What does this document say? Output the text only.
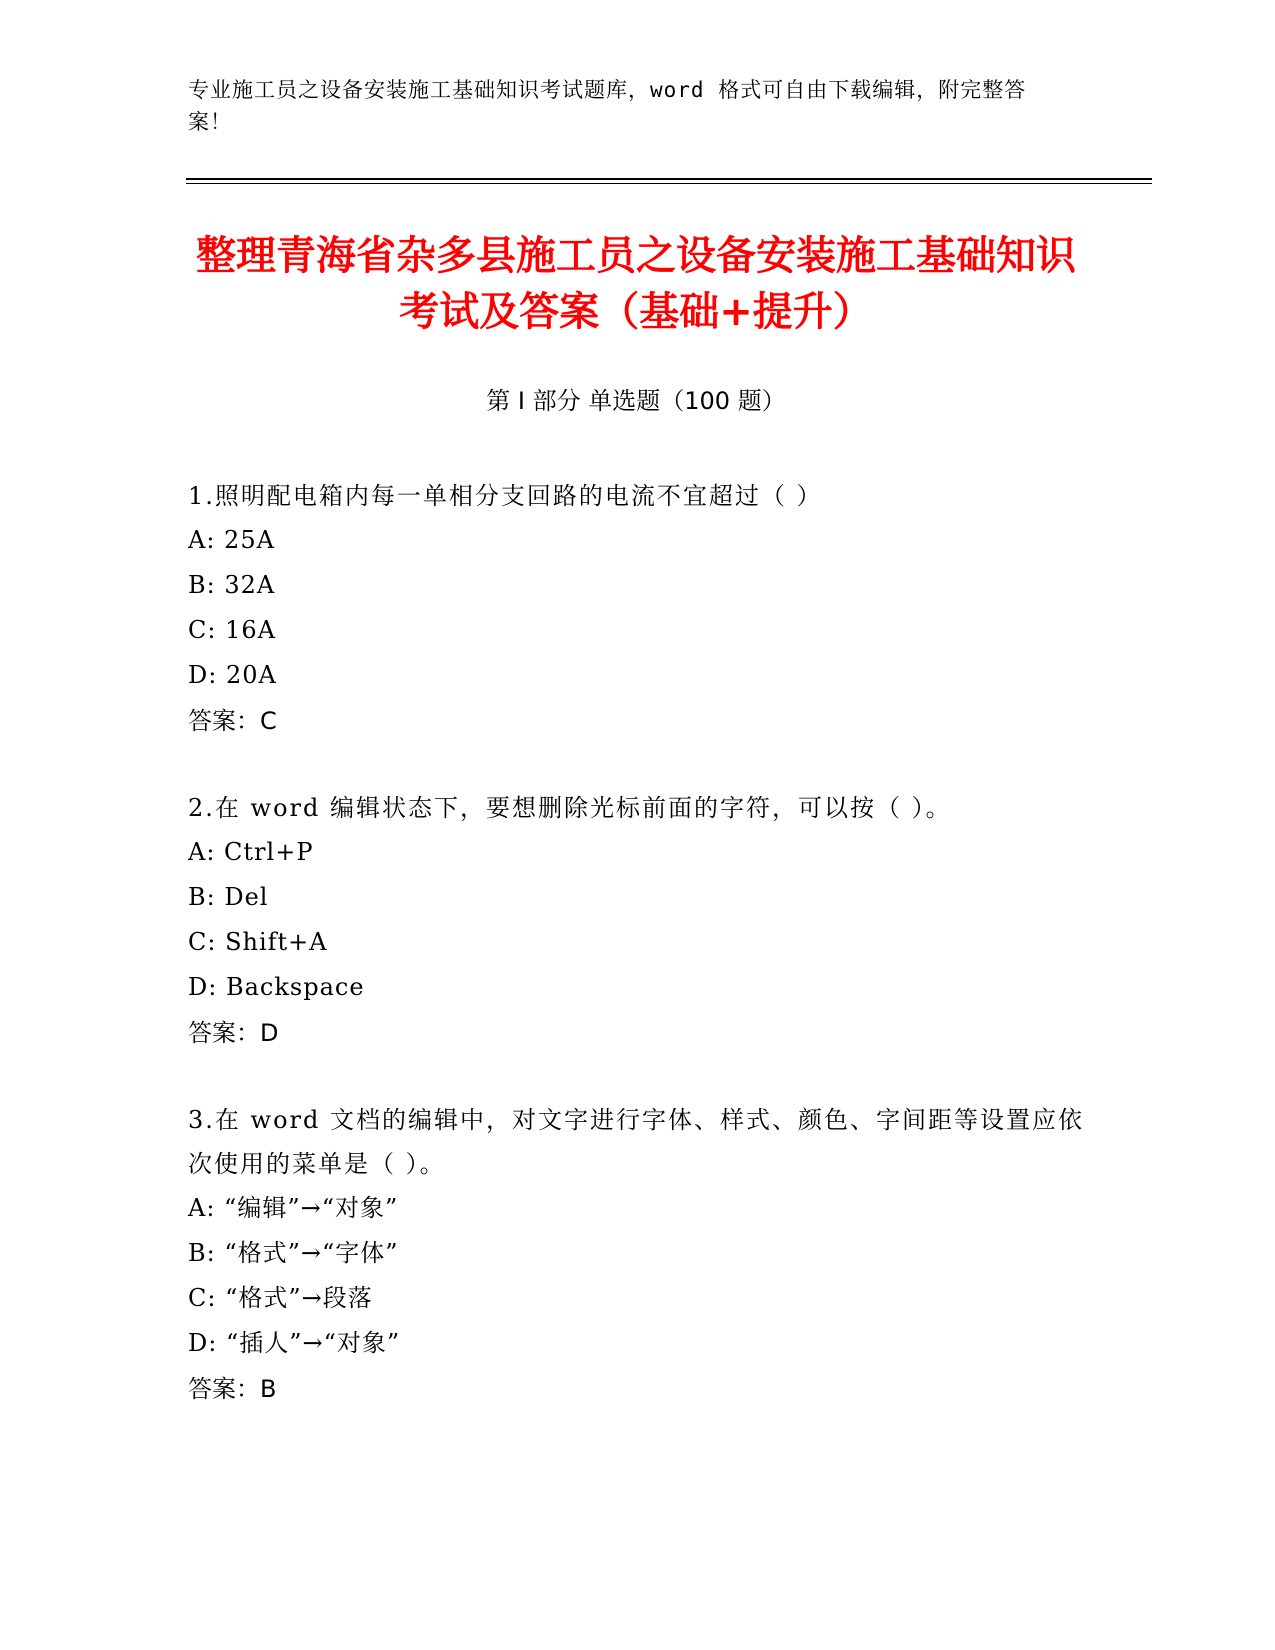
专业施工员之设备安装施工基础知识考试题库，word 格式可自由下载编辑，附完整答案！
整理青海省杂多县施工员之设备安装施工基础知识考试及答案（基础+提升）
第 I 部分 单选题（100 题）

1.照明配电箱内每一单相分支回路的电流不宜超过（ ）

A: 25A

B: 32A

C: 16A

D: 20A

答案：C

2.在 word 编辑状态下，要想删除光标前面的字符，可以按（ ）。

A: Ctrl+P

B: Del

C: Shift+A

D: Backspace

答案：D

3.在 word 文档的编辑中，对文字进行字体、样式、颜色、字间距等设置应依次使用的菜单是（ ）。

A: “编辑”→“对象”

B: “格式”→“字体”

C: “格式”→段落

D: “插人”→“对象”

答案：B
